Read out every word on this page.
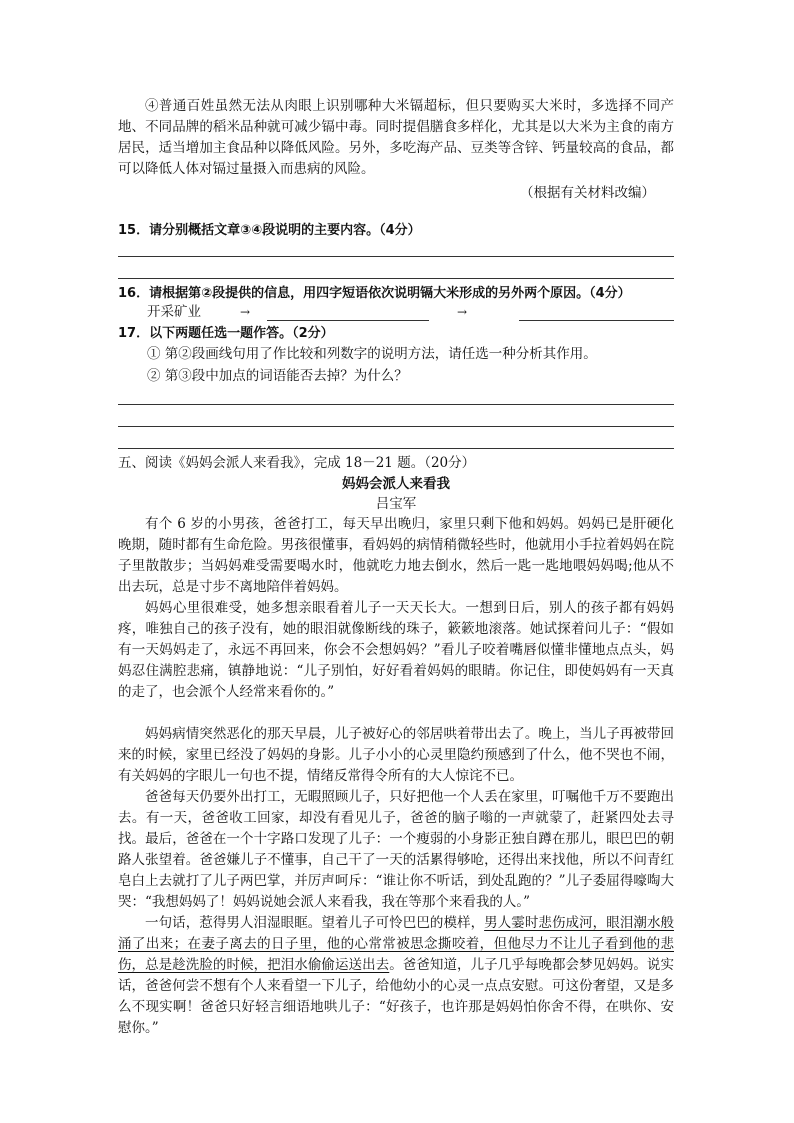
④普通百姓虽然无法从肉眼上识别哪种大米镉超标，但只要购买大米时，多选择不同产地、不同品牌的稻米品种就可减少镉中毒。同时提倡膳食多样化，尤其是以大米为主食的南方居民，适当增加主食品种以降低风险。另外，多吃海产品、豆类等含锌、钙量较高的食品，都可以降低人体对镉过量摄入而患病的风险。

（根据有关材料改编）

15．请分别概括文章③④段说明的主要内容。（4分）

16．请根据第②段提供的信息，用四字短语依次说明镉大米形成的另外两个原因。（4分）

开采矿业	→	→

17．以下两题任选一题作答。（2分）

① 第②段画线句用了作比较和列数字的说明方法，请任选一种分析其作用。

② 第③段中加点的词语能否去掉？为什么？

五、阅读《妈妈会派人来看我》，完成 18－21 题。（20分）

妈妈会派人来看我
吕宝军

有个 6 岁的小男孩，爸爸打工，每天早出晚归，家里只剩下他和妈妈。妈妈已是肝硬化晚期，随时都有生命危险。男孩很懂事，看妈妈的病情稍微轻些时，他就用小手拉着妈妈在院子里散散步；当妈妈难受需要喝水时，他就吃力地去倒水，然后一匙一匙地喂妈妈喝;他从不出去玩，总是寸步不离地陪伴着妈妈。

妈妈心里很难受，她多想亲眼看着儿子一天天长大。一想到日后，别人的孩子都有妈妈疼，唯独自己的孩子没有，她的眼泪就像断线的珠子，簌簌地滚落。她试探着问儿子：“假如有一天妈妈走了，永远不再回来，你会不会想妈妈？”看儿子咬着嘴唇似懂非懂地点点头，妈妈忍住满腔悲痛，镇静地说：“儿子别怕，好好看着妈妈的眼睛。你记住，即使妈妈有一天真的走了，也会派个人经常来看你的。”

妈妈病情突然恶化的那天早晨，儿子被好心的邻居哄着带出去了。晚上，当儿子再被带回来的时候，家里已经没了妈妈的身影。儿子小小的心灵里隐约预感到了什么，他不哭也不闹，有关妈妈的字眼儿一句也不提，情绪反常得令所有的大人惊诧不已。

爸爸每天仍要外出打工，无暇照顾儿子，只好把他一个人丢在家里，叮嘱他千万不要跑出去。有一天，爸爸收工回家，却没有看见儿子，爸爸的脑子嗡的一声就蒙了，赶紧四处去寻找。最后，爸爸在一个十字路口发现了儿子：一个瘦弱的小身影正独自蹲在那儿，眼巴巴的朝路人张望着。爸爸嫌儿子不懂事，自己干了一天的活累得够呛，还得出来找他，所以不问青红皂白上去就打了儿子两巴掌，并厉声呵斥：“谁让你不听话，到处乱跑的？”儿子委屈得嚎啕大哭：“我想妈妈了！妈妈说她会派人来看我，我在等那个来看我的人。”

一句话，惹得男人泪湿眼眶。望着儿子可怜巴巴的模样，男人霎时悲伤成河，眼泪潮水般涌了出来；在妻子离去的日子里，他的心常常被思念撕咬着，但他尽力不让儿子看到他的悲伤，总是趁洗脸的时候，把泪水偷偷运送出去。爸爸知道，儿子几乎每晚都会梦见妈妈。说实话，爸爸何尝不想有个人来看望一下儿子，给他幼小的心灵一点点安慰。可这份奢望，又是多么不现实啊！爸爸只好轻言细语地哄儿子：“好孩子，也许那是妈妈怕你舍不得，在哄你、安慰你。”
